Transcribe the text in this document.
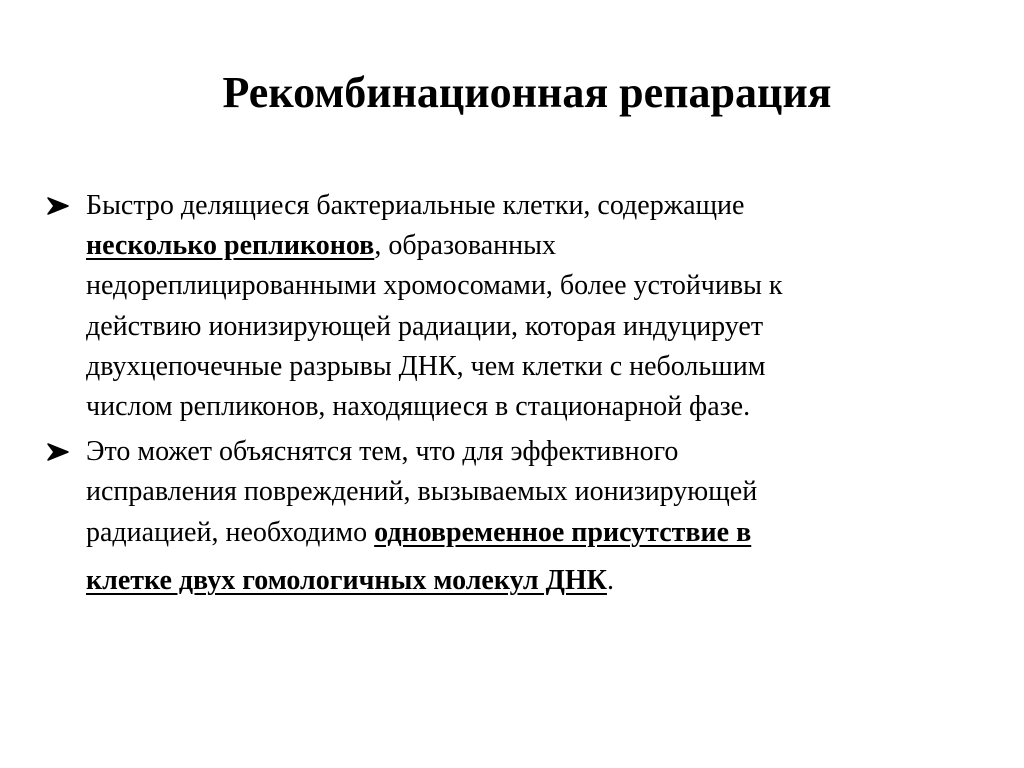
Рекомбинационная репарация
Быстро делящиеся бактериальные клетки, содержащие
несколько репликонов, образованных
недореплицированными хромосомами, более устойчивы к
действию ионизирующей радиации, которая индуцирует
двухцепочечные разрывы ДНК, чем клетки с небольшим
числом репликонов, находящиеся в стационарной фазе.
Это может объяснятся тем, что для эффективного
исправления повреждений, вызываемых ионизирующей
радиацией, необходимо одновременное присутствие в
клетке двух гомологичных молекул ДНК.
